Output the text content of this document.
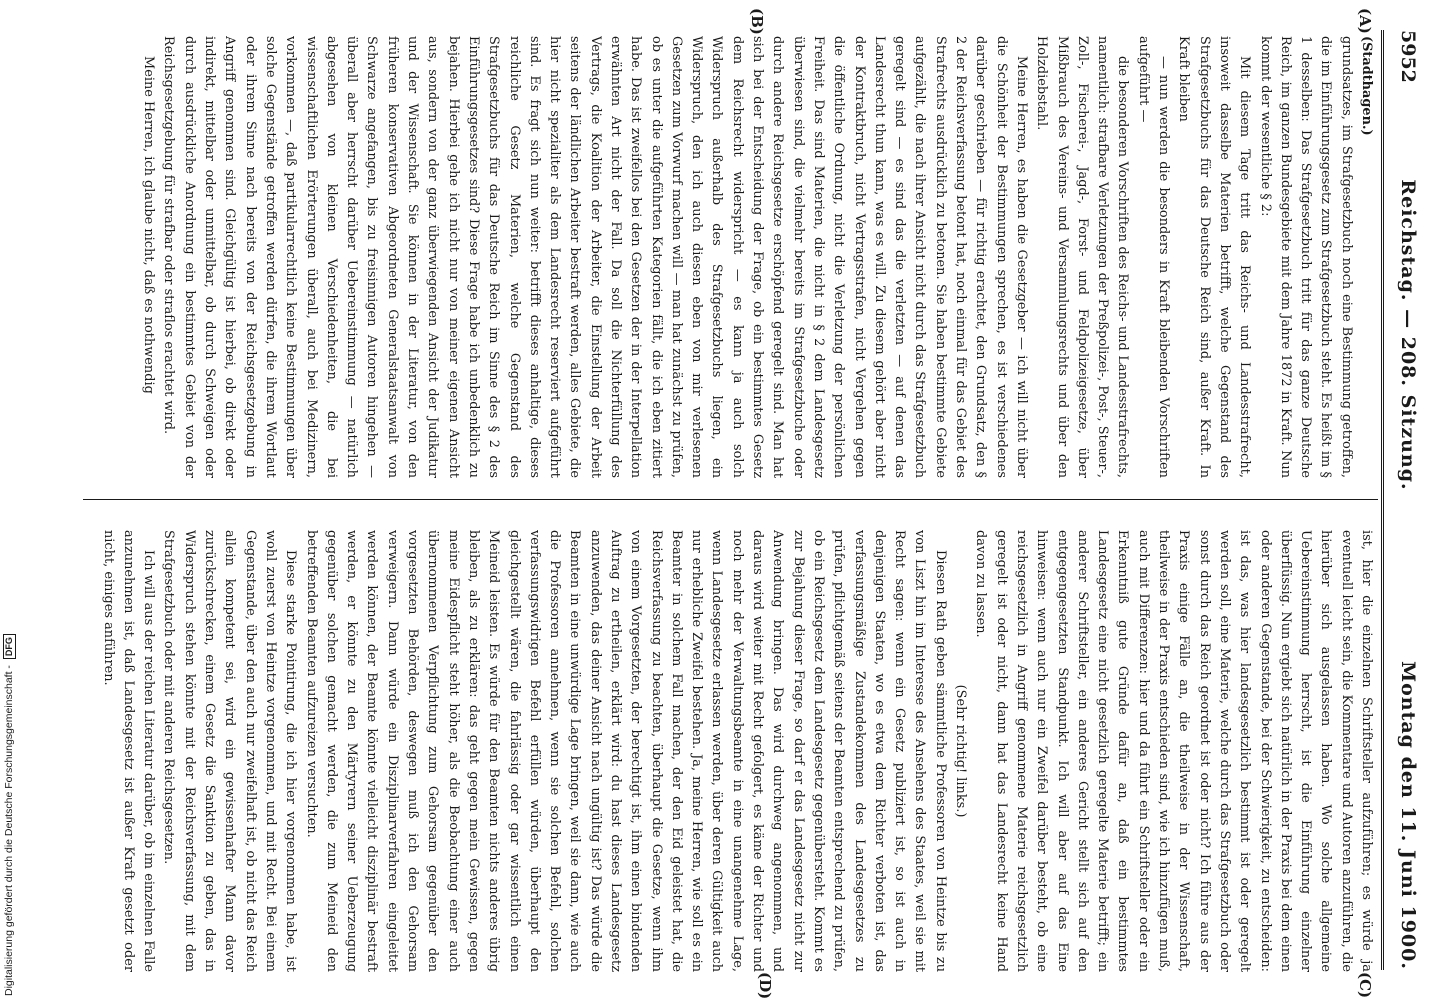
5952
Reichstag. — 208. Sitzung.
Montag den 11. Juni 1900.
(A)
(B)
(C)
(D)

(Stadthagen.)

grundsatzes, im Strafgesetzbuch noch eine Bestimmung getroffen, die im Einführungsgesetz zum Strafgesetzbuch steht. Es heißt im § 1 desselben: Das Strafgesetzbuch tritt für das ganze Deutsche Reich, im ganzen Bundesgebiete mit dem Jahre 1872 in Kraft. Nun kommt der wesentliche § 2:

Mit diesem Tage tritt das Reichs- und Landesstrafrecht, insoweit dasselbe Materien betrifft, welche Gegenstand des Strafgesetzbuchs für das Deutsche Reich sind, außer Kraft. In Kraft bleiben

— nun werden die besonders in Kraft bleibenden Vorschriften aufgeführt —

die besonderen Vorschriften des Reichs- und Landesstrafrechts, namentlich: strafbare Verletzungen der Preßpolizei-, Post-, Steuer-, Zoll-, Fischerei-, Jagd-, Forst- und Feldpolizeigesetze, über Mißbrauch des Vereins- und Versammlungsrechts und über den Holzdiebstahl.

Meine Herren, es haben die Gesetzgeber — ich will nicht über die Schönheit der Bestimmungen sprechen, es ist verschiedenes darüber geschrieben — für richtig erachtet, den Grundsatz, den § 2 der Reichsverfassung betont hat, noch einmal für das Gebiet des Strafrechts ausdrücklich zu betonen. Sie haben bestimmte Gebiete aufgezählt, die nach ihrer Ansicht nicht durch das Strafgesetzbuch geregelt sind — es sind das die verletzten — auf denen das Landesrecht thun kann, was es will. Zu diesem gehört aber nicht der Kontraktbruch, nicht Vertragsstrafen, nicht Vergehen gegen die öffentliche Ordnung, nicht die Verletzung der persönlichen Freiheit. Das sind Materien, die nicht in § 2 dem Landesgesetz überwiesen sind, die vielmehr bereits im Strafgesetzbuche oder durch andere Reichsgesetze erschöpfend geregelt sind. Man hat sich bei der Entscheidung der Frage, ob ein bestimmtes Gesetz dem Reichsrecht widerspricht — es kann ja auch solch Widerspruch außerhalb des Strafgesetzbuchs liegen, ein Widerspruch, den ich auch diesen eben von mir verlesenen Gesetzen zum Vorwurf machen will — man hat zunächst zu prüfen, ob es unter die aufgeführten Kategorien fällt, die ich eben zitiert habe. Das ist zweifellos bei den Gesetzen der in der Interpellation erwähnten Art nicht der Fall. Da soll die Nichterfüllung des Vertrags, die Koalition der Arbeiter, die Einstellung der Arbeit seitens der ländlichen Arbeiter bestraft werden, alles Gebiete, die hier nicht spezialiter als dem Landesrecht reserviert aufgeführt sind. Es fragt sich nun weiter: betrifft dieses anhaltige, dieses reichliche Gesetz Materien, welche Gegenstand des Strafgesetzbuchs für das Deutsche Reich im Sinne des § 2 des Einführungsgesetzes sind? Diese Frage habe ich unbedenklich zu bejahen. Hierbei gehe ich nicht nur von meiner eigenen Ansicht aus, sondern von der ganz überwiegenden Ansicht der Judikatur und der Wissenschaft. Sie können in der Literatur, von den früheren konservativen Abgeordneten Generalstaatsanwalt von Schwarze angefangen, bis zu freisinnigen Autoren hingehen — überall aber herrscht darüber Uebereinstimmung — natürlich abgesehen von kleinen Verschiedenheiten, die bei wissenschaftlichen Erörterungen überall, auch bei Medizinern, vorkommen —, daß partikularrechtlich keine Bestimmungen über solche Gegenstände getroffen werden dürfen, die ihrem Wortlaut oder ihrem Sinne nach bereits von der Reichsgesetzgebung in Angriff genommen sind. Gleichgültig ist hierbei, ob direkt oder indirekt, mittelbar oder unmittelbar, ob durch Schweigen oder durch ausdrückliche Anordnung ein bestimmtes Gebiet von der Reichsgesetzgebung für strafbar oder straflos erachtet wird.

Meine Herren, ich glaube nicht, daß es nothwendig

ist, hier die einzelnen Schriftsteller aufzuführen; es würde ja eventuell leicht sein, die Kommentare und Autoren anzuführen, die hierüber sich ausgelassen haben. Wo solche allgemeine Uebereinstimmung herrscht, ist die Einführung einzelner überflüssig. Nun ergiebt sich natürlich in der Praxis bei dem einen oder anderen Gegenstande, bei der Schwierigkeit, zu entscheiden: ist das, was hier landesgesetzlich bestimmt ist oder geregelt werden soll, eine Materie, welche durch das Strafgesetzbuch oder sonst durch das Reich geordnet ist oder nicht? Ich führe aus der Praxis einige Fälle an, die theilweise in der Wissenschaft, theilweise in der Praxis entschieden sind, wie ich hinzufügen muß, auch mit Differenzen: hier und da führt ein Schriftsteller oder ein Erkenntniß gute Gründe dafür an, daß ein bestimmtes Landesgesetz eine nicht gesetzlich geregelte Materie betrifft; ein anderer Schriftsteller, ein anderes Gericht stellt sich auf den entgegengesetzten Standpunkt. Ich will aber auf das Eine hinweisen: wenn auch nur ein Zweifel darüber besteht, ob eine reichsgesetzlich in Angriff genommene Materie reichsgesetzlich geregelt ist oder nicht, dann hat das Landesrecht keine Hand davon zu lassen.

(Sehr richtig! links.)

Diesen Rath geben sämmtliche Professoren von Heintze bis zu von Liszt hin im Interesse des Ansehens des Staates, weil sie mit Recht sagen: wenn ein Gesetz publiziert ist, so ist auch in denjenigen Staaten, wo es etwa dem Richter verboten ist, das verfassungsmäßige Zustandekommen des Landesgesetzes zu prüfen, pflichtgemäß seitens der Beamten entsprechend zu prüfen, ob ein Reichsgesetz dem Landesgesetz gegenübersteht. Kommt es zur Bejahung dieser Frage, so darf er das Landesgesetz nicht zur Anwendung bringen. Das wird durchweg angenommen, und daraus wird weiter mit Recht gefolgert, es käme der Richter und noch mehr der Verwaltungsbeamte in eine unangenehme Lage, wenn Landesgesetze erlassen werden, über deren Gültigkeit auch nur erhebliche Zweifel bestehen. Ja, meine Herren, wie soll es ein Beamter in solchem Fall machen, der den Eid geleistet hat, die Reichsverfassung zu beachten, überhaupt die Gesetze, wenn ihm von einem Vorgesetzten, der berechtigt ist, ihm einen bindenden Auftrag zu ertheilen, erklärt wird: du hast dieses Landesgesetz anzuwenden, das deiner Ansicht nach ungültig ist? Das würde die Beamten in eine unwürdige Lage bringen, weil sie dann, wie auch die Professoren annehmen, wenn sie solchen Befehl, solchen verfassungswidrigen Befehl erfüllen würden, überhaupt den gleichgestellt wären, die fahrlässig oder gar wissentlich einen Meineid leisten. Es würde für den Beamten nichts anderes übrig bleiben, als zu erklären: das geht gegen mein Gewissen, gegen meine Eidespflicht steht höher, als die Beobachtung einer auch übernommenen Verpflichtung zum Gehorsam gegenüber den vorgesetzten Behörden, deswegen muß ich den Gehorsam verweigern. Dann würde ein Disziplinarverfahren eingeleitet werden können, der Beamte könnte vielleicht disziplinär bestraft werden, er könnte zu den Märtyrern seiner Ueberzeugung gegenüber solchen gemacht werden, die zum Meineid den betreffenden Beamten aufzureizen versuchten.

Diese starke Pointirung, die ich hier vorgenommen habe, ist wohl zuerst von Heintze vorgenommen, und mit Recht. Bei einem Gegenstande, über den auch nur zweifelhaft ist, ob nicht das Reich allein kompetent sei, wird ein gewissenhafter Mann davor zurückschrecken, einem Gesetz die Sanktion zu geben, das in Widerspruch stehen könnte mit der Reichsverfassung, mit dem Strafgesetzbuch oder mit anderen Reichsgesetzen.

Ich will aus der reichen Literatur darüber, ob im einzelnen Falle anzunehmen ist, daß Landesgesetz ist außer Kraft gesetzt oder nicht, einiges anführen.

Digitalisierung gefördert durch die Deutsche Forschungsgemeinschaft - DFG
